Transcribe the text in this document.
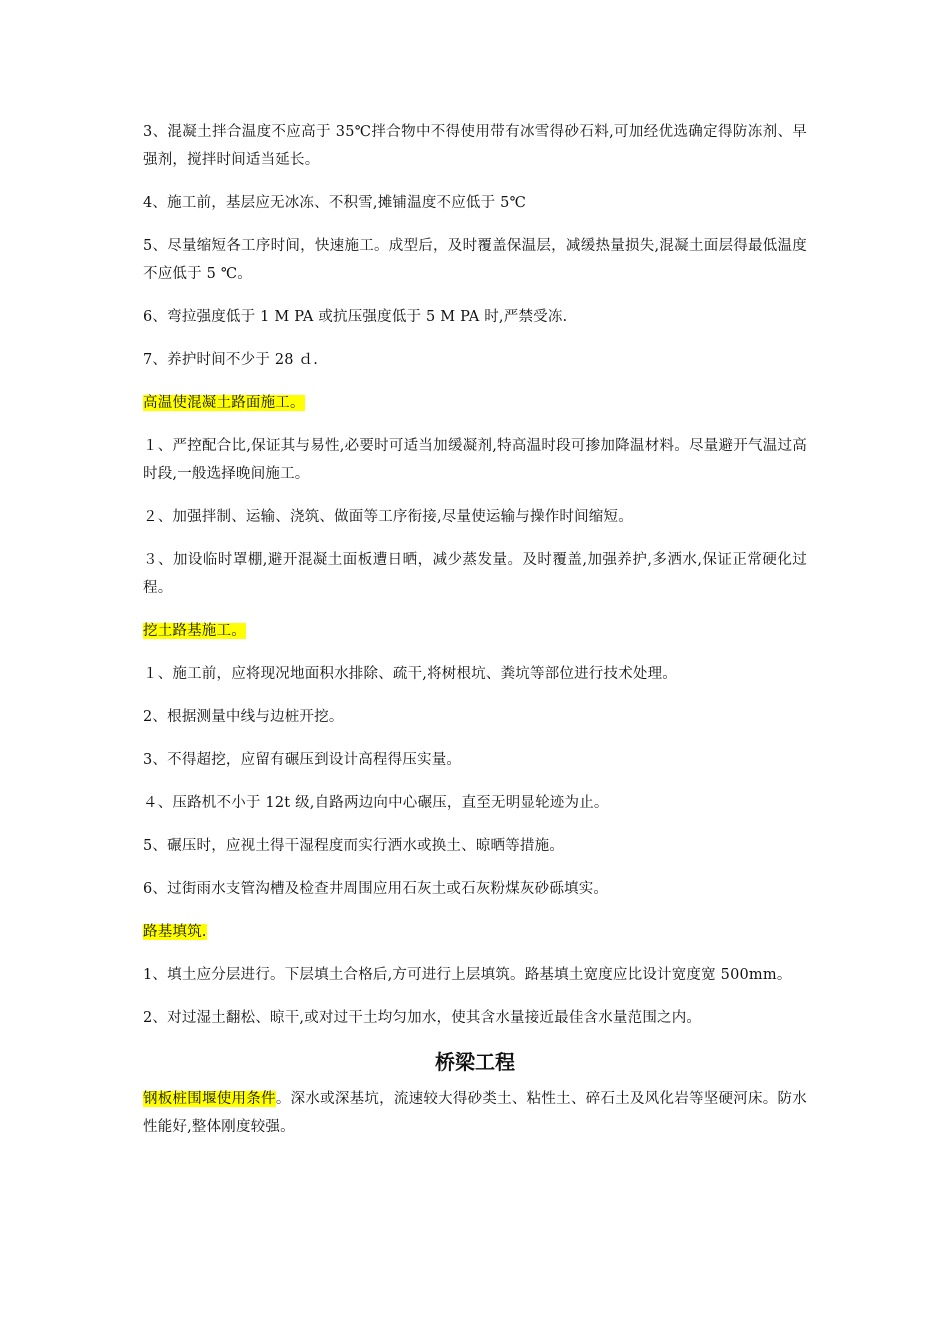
3、混凝土拌合温度不应高于 35℃拌合物中不得使用带有冰雪得砂石料,可加经优选确定得防冻剂、早强剂，搅拌时间适当延长。

4、施工前，基层应无冰冻、不积雪,摊铺温度不应低于 5℃

5、尽量缩短各工序时间，快速施工。成型后，及时覆盖保温层，减缓热量损失,混凝土面层得最低温度不应低于 5 ℃。

6、弯拉强度低于 1 M PA 或抗压强度低于 5 M PA 时,严禁受冻.

7、养护时间不少于 28 ｄ.

高温使混凝土路面施工。

１、严控配合比,保证其与易性,必要时可适当加缓凝剂,特高温时段可掺加降温材料。尽量避开气温过高时段,一般选择晚间施工。

２、加强拌制、运输、浇筑、做面等工序衔接,尽量使运输与操作时间缩短。

３、加设临时罩棚,避开混凝土面板遭日晒，减少蒸发量。及时覆盖,加强养护,多洒水,保证正常硬化过程。

挖土路基施工。

１、施工前，应将现况地面积水排除、疏干,将树根坑、粪坑等部位进行技术处理。

2、根据测量中线与边桩开挖。

3、不得超挖，应留有碾压到设计高程得压实量。

４、压路机不小于 12t 级,自路两边向中心碾压，直至无明显轮迹为止。

5、碾压时，应视土得干湿程度而实行洒水或换土、晾晒等措施。

6、过街雨水支管沟槽及检查井周围应用石灰土或石灰粉煤灰砂砾填实。

路基填筑.

1、填土应分层进行。下层填土合格后,方可进行上层填筑。路基填土宽度应比设计宽度宽 500mm。

2、对过湿土翻松、晾干,或对过干土均匀加水，使其含水量接近最佳含水量范围之内。

桥梁工程

钢板桩围堰使用条件。深水或深基坑，流速较大得砂类土、粘性土、碎石土及风化岩等坚硬河床。防水性能好,整体刚度较强。
